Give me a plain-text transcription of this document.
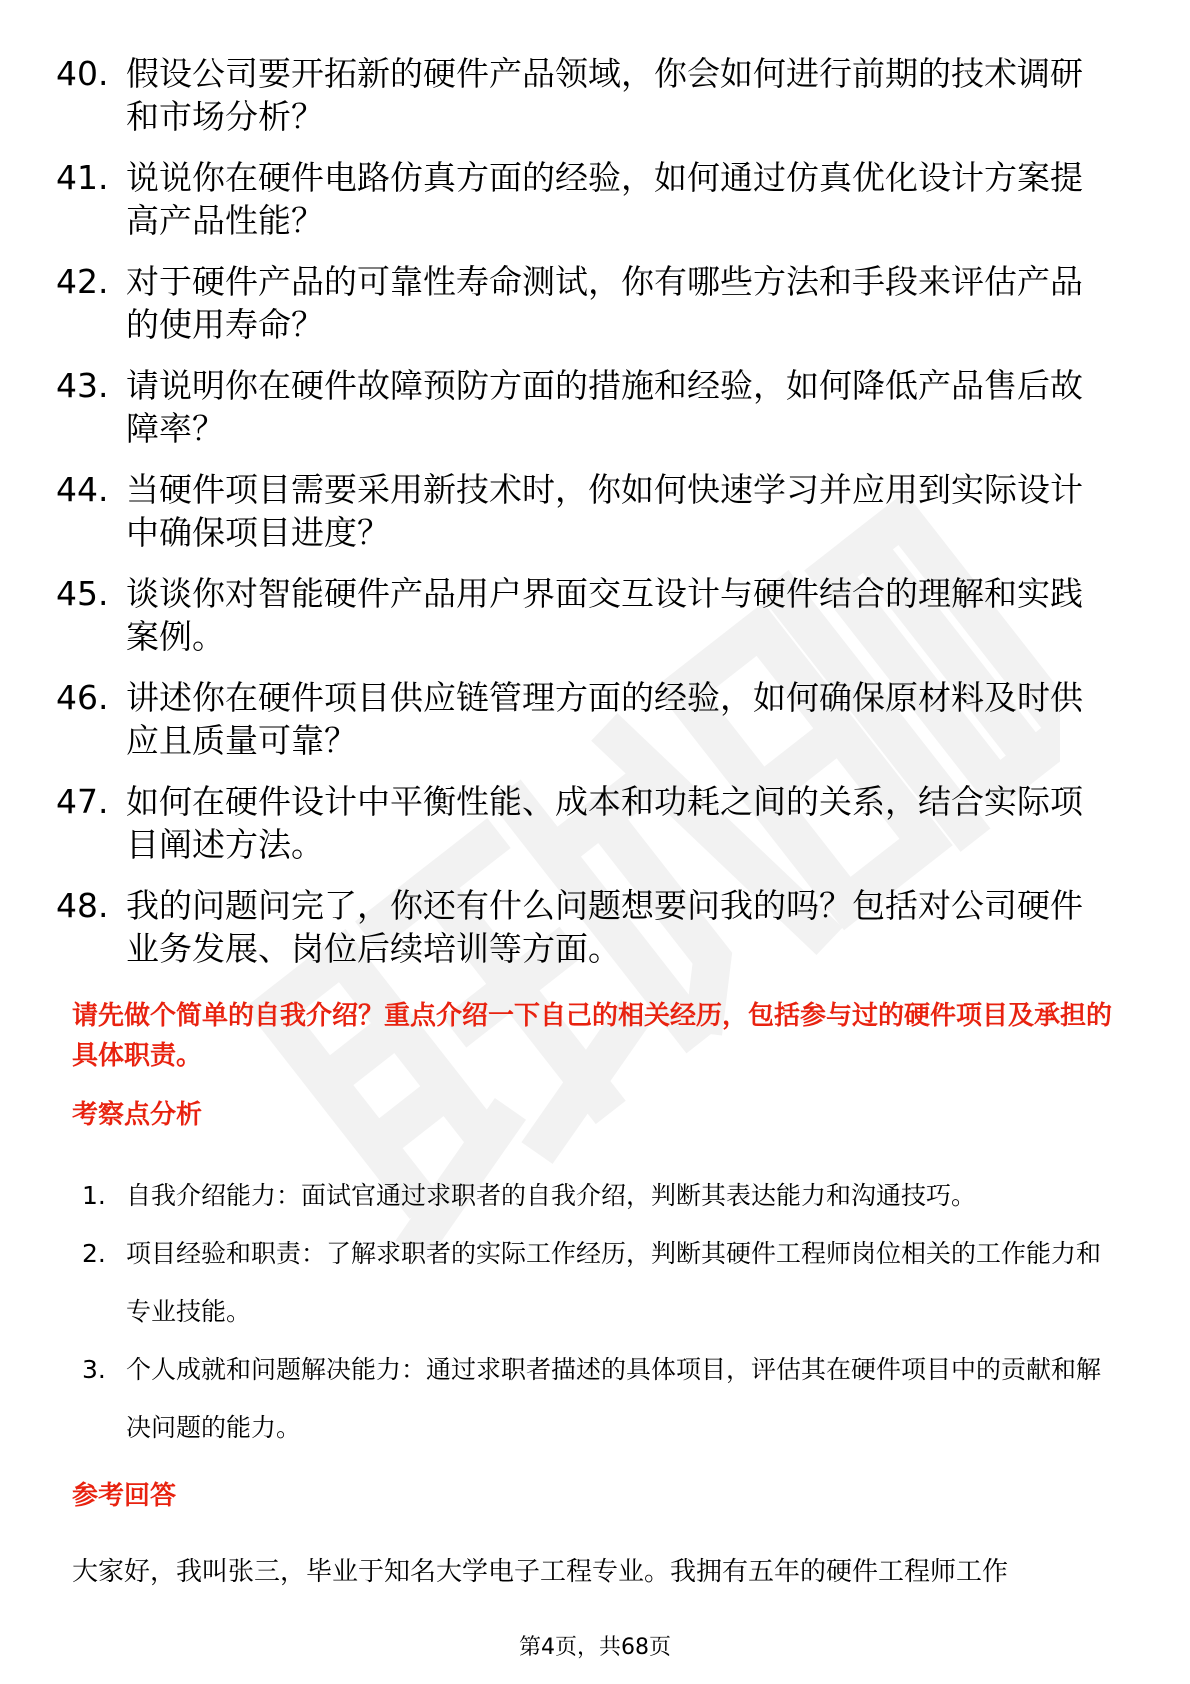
40. 假设公司要开拓新的硬件产品领域，你会如何进行前期的技术调研和市场分析？
41. 说说你在硬件电路仿真方面的经验，如何通过仿真优化设计方案提高产品性能？
42. 对于硬件产品的可靠性寿命测试，你有哪些方法和手段来评估产品的使用寿命？
43. 请说明你在硬件故障预防方面的措施和经验，如何降低产品售后故障率？
44. 当硬件项目需要采用新技术时，你如何快速学习并应用到实际设计中确保项目进度？
45. 谈谈你对智能硬件产品用户界面交互设计与硬件结合的理解和实践案例。
46. 讲述你在硬件项目供应链管理方面的经验，如何确保原材料及时供应且质量可靠？
47. 如何在硬件设计中平衡性能、成本和功耗之间的关系，结合实际项目阐述方法。
48. 我的问题问完了，你还有什么问题想要问我的吗？包括对公司硬件业务发展、岗位后续培训等方面。

请先做个简单的自我介绍？重点介绍一下自己的相关经历，包括参与过的硬件项目及承担的具体职责。

考察点分析
1. 自我介绍能力：面试官通过求职者的自我介绍，判断其表达能力和沟通技巧。
2. 项目经验和职责：了解求职者的实际工作经历，判断其硬件工程师岗位相关的工作能力和专业技能。
3. 个人成就和问题解决能力：通过求职者描述的具体项目，评估其在硬件项目中的贡献和解决问题的能力。
参考回答

大家好，我叫张三，毕业于知名大学电子工程专业。我拥有五年的硬件工程师工作

第4页，共68页
